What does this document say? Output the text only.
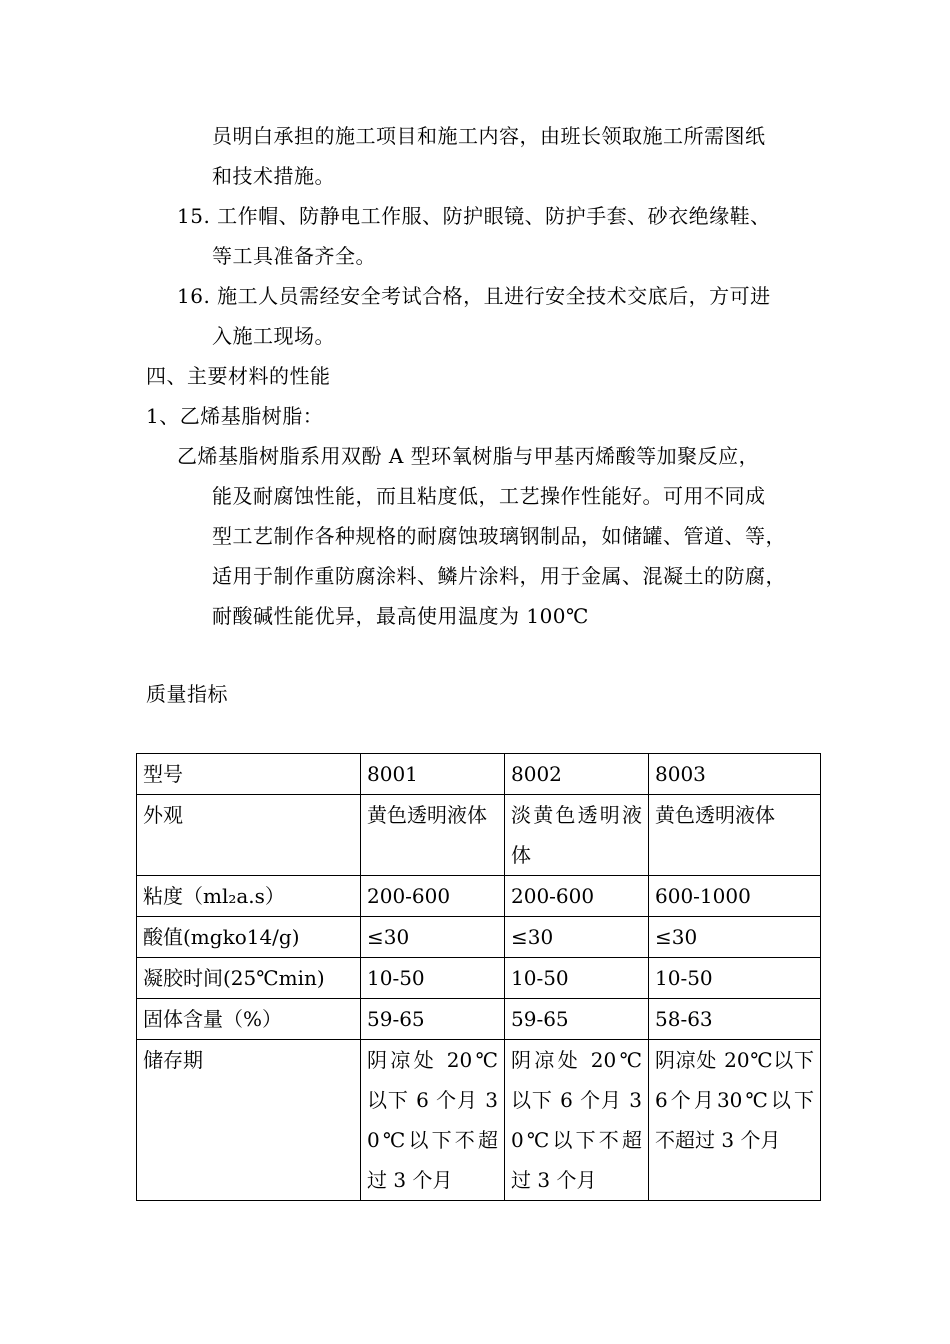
员明白承担的施工项目和施工内容，由班长领取施工所需图纸
和技术措施。
15. 工作帽、防静电工作服、防护眼镜、防护手套、砂衣绝缘鞋、
等工具准备齐全。
16. 施工人员需经安全考试合格，且进行安全技术交底后，方可进
入施工现场。
四、主要材料的性能
1、乙烯基脂树脂：
乙烯基脂树脂系用双酚 A 型环氧树脂与甲基丙烯酸等加聚反应，
能及耐腐蚀性能，而且粘度低，工艺操作性能好。可用不同成
型工艺制作各种规格的耐腐蚀玻璃钢制品，如储罐、管道、等，
适用于制作重防腐涂料、鳞片涂料，用于金属、混凝土的防腐，
耐酸碱性能优异，最高使用温度为 100℃
质量指标
型号	8001	8002	8003
外观	黄色透明液体	淡黄色透明液体	黄色透明液体
粘度（ml₂a.s）	200-600	200-600	600-1000
酸值(mgko14/g)	≤30	≤30	≤30
凝胶时间(25℃min)	10-50	10-50	10-50
固体含量（%）	59-65	59-65	58-63
储存期	阴凉处 20℃以下 6 个月 30℃以下不超过 3 个月	阴凉处 20℃以下 6 个月 30℃以下不超过 3 个月	阴凉处 20℃以下6个月30℃以下不超过 3 个月
